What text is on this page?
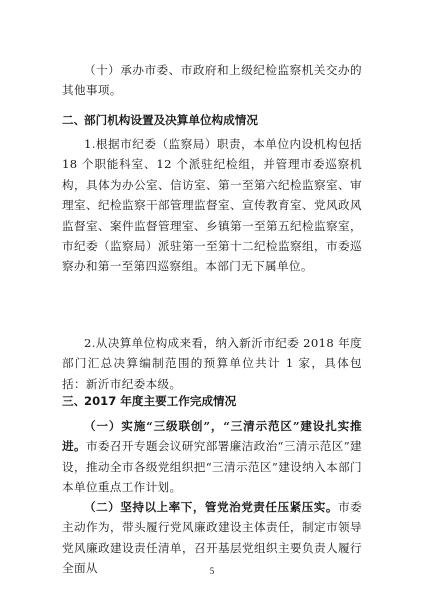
（十）承办市委、市政府和上级纪检监察机关交办的其他事项。

二、部门机构设置及决算单位构成情况

1.根据市纪委（监察局）职责，本单位内设机构包括 18 个职能科室、12 个派驻纪检组，并管理市委巡察机构，具体为办公室、信访室、第一至第六纪检监察室、审理室、纪检监察干部管理监督室、宣传教育室、党风政风监督室、案件监督管理室、乡镇第一至第五纪检监察室，市纪委（监察局）派驻第一至第十二纪检监察组，市委巡察办和第一至第四巡察组。本部门无下属单位。

2.从决算单位构成来看，纳入新沂市纪委 2018 年度部门汇总决算编制范围的预算单位共计 1 家，具体包括：新沂市纪委本级。

三、2017 年度主要工作完成情况

（一）实施“三级联创”，“三清示范区”建设扎实推进。市委召开专题会议研究部署廉洁政治“三清示范区”建设，推动全市各级党组织把“三清示范区”建设纳入本部门本单位重点工作计划。

（二）坚持以上率下，管党治党责任压紧压实。市委主动作为，带头履行党风廉政建设主体责任，制定市领导党风廉政建设责任清单，召开基层党组织主要负责人履行全面从	5
